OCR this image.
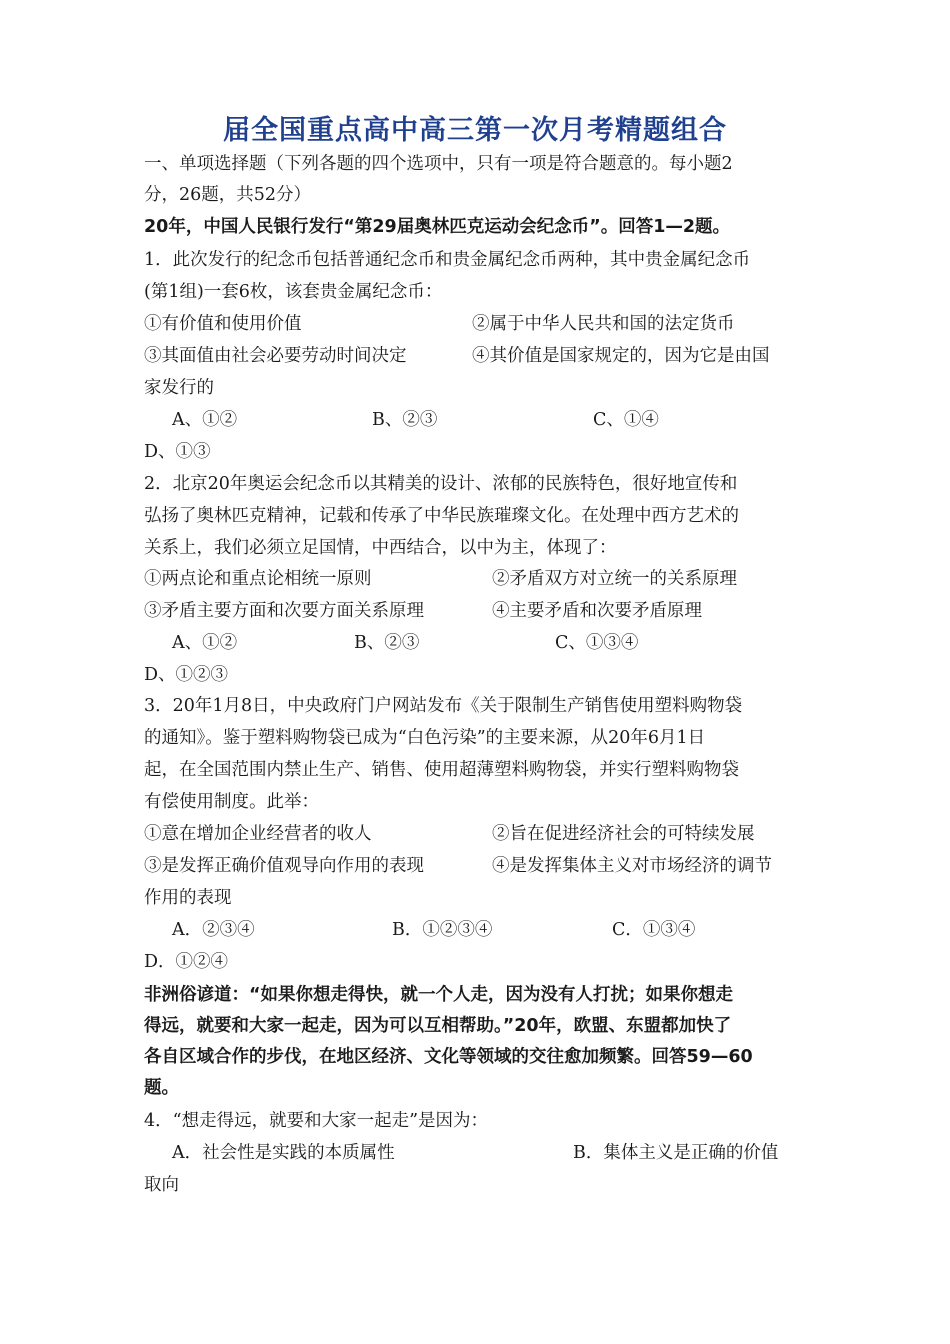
届全国重点高中高三第一次月考精题组合
一、单项选择题（下列各题的四个选项中，只有一项是符合题意的。每小题2
分，26题，共52分）
20年，中国人民银行发行“第29届奥林匹克运动会纪念币”。回答1—2题。
1．此次发行的纪念币包括普通纪念币和贵金属纪念币两种，其中贵金属纪念币
(第1组)一套6枚，该套贵金属纪念币：
①有价值和使用价值	②属于中华人民共和国的法定货币
③其面值由社会必要劳动时间决定	④其价值是国家规定的，因为它是由国
家发行的
A、①②	B、②③	C、①④
D、①③
2．北京20年奥运会纪念币以其精美的设计、浓郁的民族特色，很好地宣传和
弘扬了奥林匹克精神，记载和传承了中华民族璀璨文化。在处理中西方艺术的
关系上，我们必须立足国情，中西结合，以中为主，体现了：
①两点论和重点论相统一原则	②矛盾双方对立统一的关系原理
③矛盾主要方面和次要方面关系原理	④主要矛盾和次要矛盾原理
A、①②	B、②③	C、①③④
D、①②③
3．20年1月8日，中央政府门户网站发布《关于限制生产销售使用塑料购物袋
的通知》。鉴于塑料购物袋已成为“白色污染”的主要来源，从20年6月1日
起，在全国范围内禁止生产、销售、使用超薄塑料购物袋，并实行塑料购物袋
有偿使用制度。此举：
①意在增加企业经营者的收人	②旨在促进经济社会的可特续发展
③是发挥正确价值观导向作用的表现	④是发挥集体主义对市场经济的调节
作用的表现
A．②③④	B．①②③④	C．①③④
D．①②④
非洲俗谚道：“如果你想走得快，就一个人走，因为没有人打扰；如果你想走
得远，就要和大家一起走，因为可以互相帮助。”20年，欧盟、东盟都加快了
各自区域合作的步伐，在地区经济、文化等领域的交往愈加频繁。回答59—60
题。
4．“想走得远，就要和大家一起走”是因为：
A．社会性是实践的本质属性	B．集体主义是正确的价值
取向
